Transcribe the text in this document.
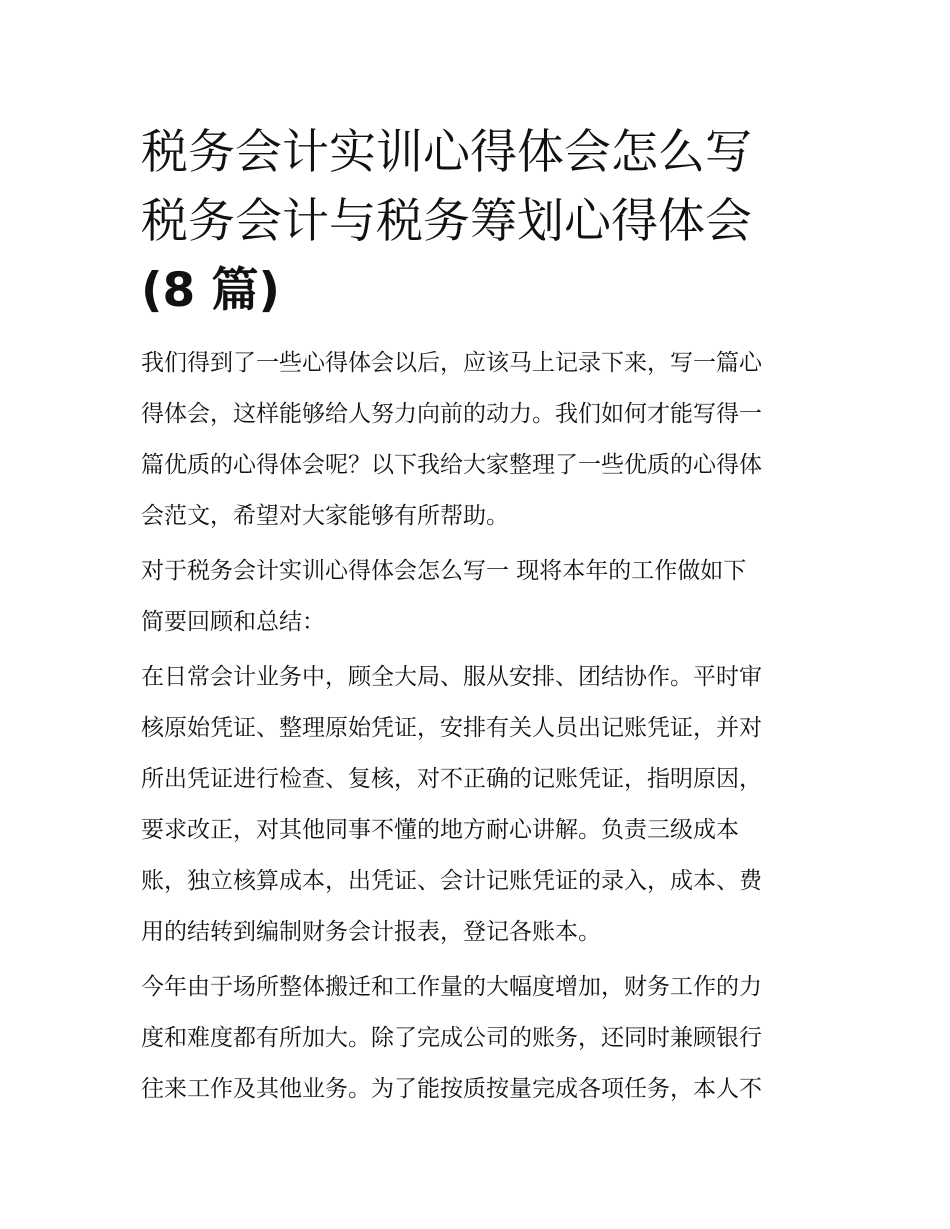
税务会计实训心得体会怎么写
税务会计与税务筹划心得体会
(8 篇)

我们得到了一些心得体会以后，应该马上记录下来，写一篇心
得体会，这样能够给人努力向前的动力。我们如何才能写得一
篇优质的心得体会呢？以下我给大家整理了一些优质的心得体
会范文，希望对大家能够有所帮助。

对于税务会计实训心得体会怎么写一 现将本年的工作做如下
简要回顾和总结：

在日常会计业务中，顾全大局、服从安排、团结协作。平时审
核原始凭证、整理原始凭证，安排有关人员出记账凭证，并对
所出凭证进行检查、复核，对不正确的记账凭证，指明原因，
要求改正，对其他同事不懂的地方耐心讲解。负责三级成本
账，独立核算成本，出凭证、会计记账凭证的录入，成本、费
用的结转到编制财务会计报表，登记各账本。

今年由于场所整体搬迁和工作量的大幅度增加，财务工作的力
度和难度都有所加大。除了完成公司的账务，还同时兼顾银行
往来工作及其他业务。为了能按质按量完成各项任务，本人不
